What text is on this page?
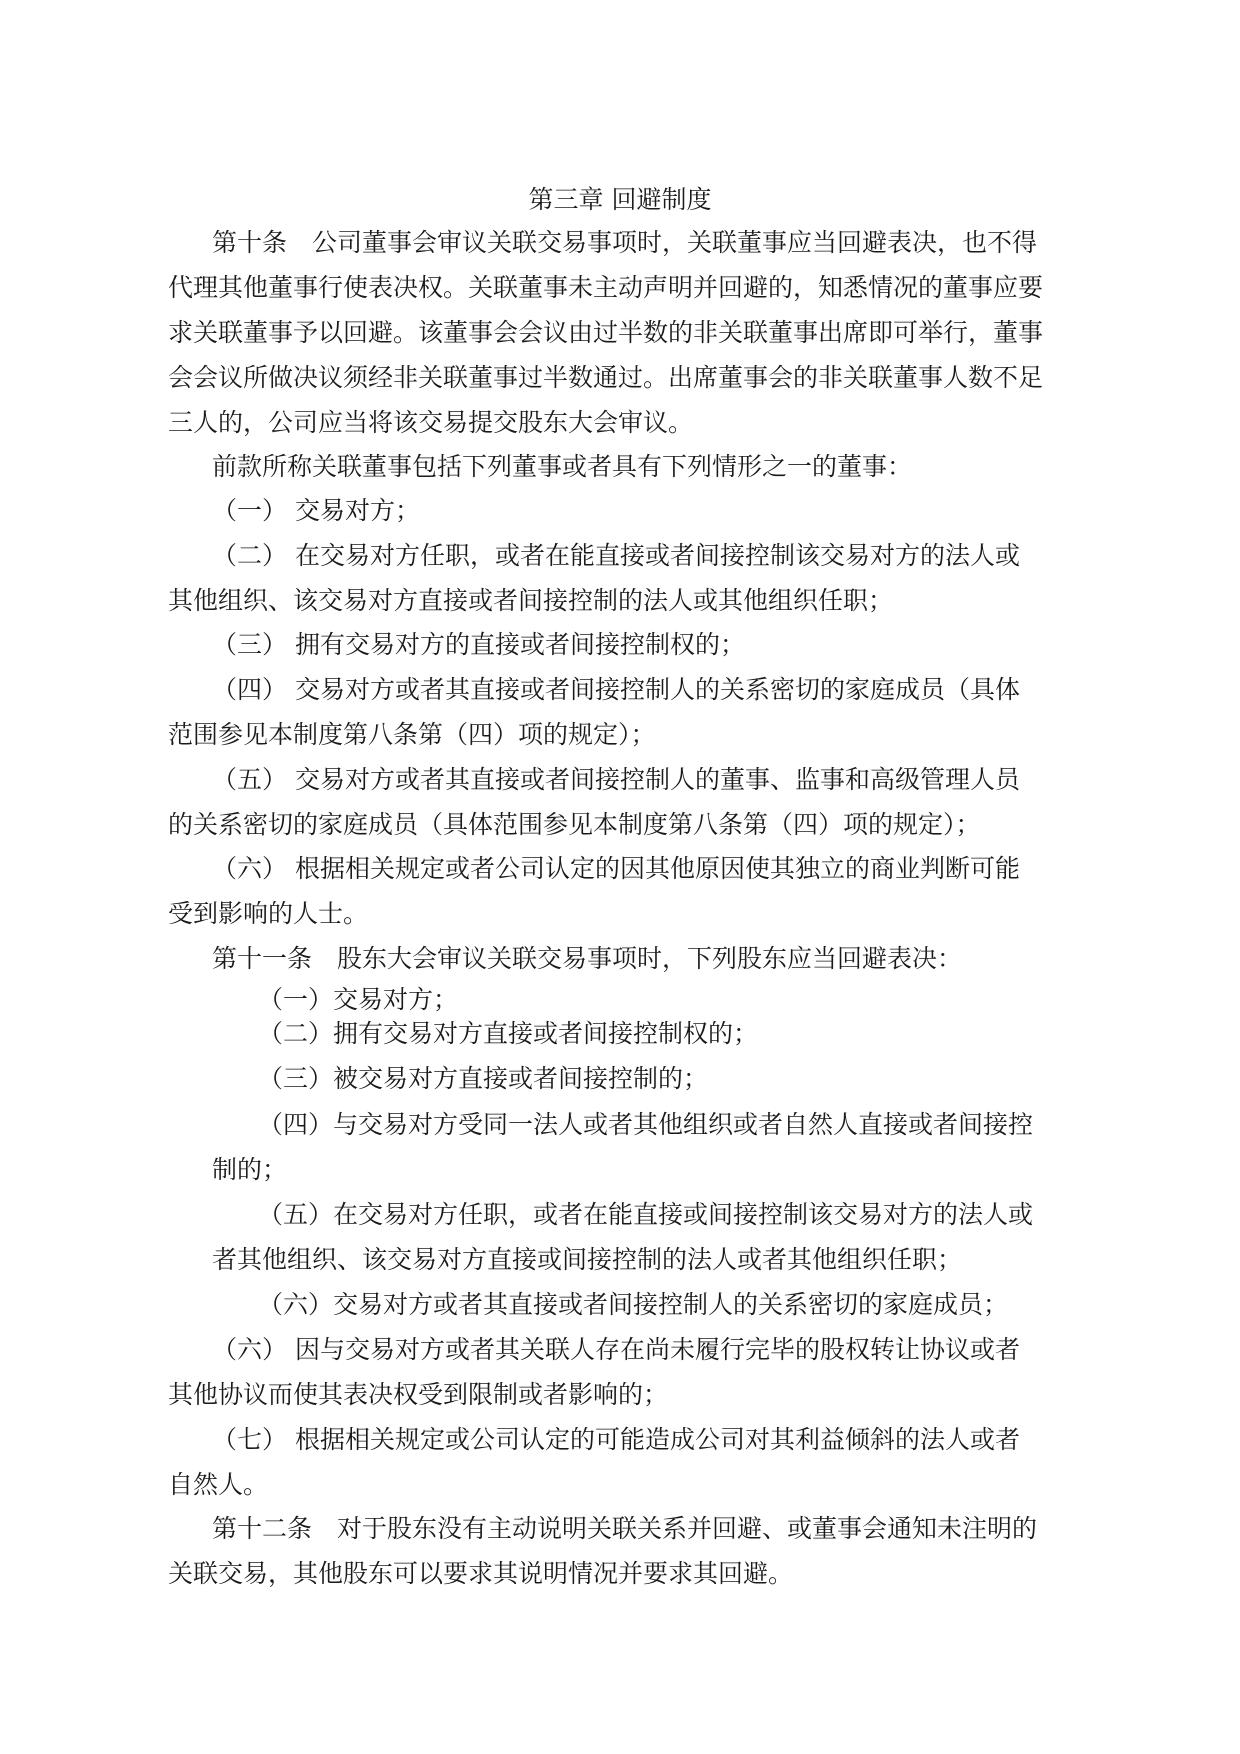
第三章 回避制度
第十条　公司董事会审议关联交易事项时，关联董事应当回避表决，也不得
代理其他董事行使表决权。关联董事未主动声明并回避的，知悉情况的董事应要
求关联董事予以回避。该董事会会议由过半数的非关联董事出席即可举行，董事
会会议所做决议须经非关联董事过半数通过。出席董事会的非关联董事人数不足
三人的，公司应当将该交易提交股东大会审议。
前款所称关联董事包括下列董事或者具有下列情形之一的董事：
（一） 交易对方；
（二） 在交易对方任职，或者在能直接或者间接控制该交易对方的法人或
其他组织、该交易对方直接或者间接控制的法人或其他组织任职；
（三） 拥有交易对方的直接或者间接控制权的；
（四） 交易对方或者其直接或者间接控制人的关系密切的家庭成员（具体
范围参见本制度第八条第（四）项的规定）；
（五） 交易对方或者其直接或者间接控制人的董事、监事和高级管理人员
的关系密切的家庭成员（具体范围参见本制度第八条第（四）项的规定）；
（六） 根据相关规定或者公司认定的因其他原因使其独立的商业判断可能
受到影响的人士。
第十一条　股东大会审议关联交易事项时，下列股东应当回避表决：
（一）交易对方；
（二）拥有交易对方直接或者间接控制权的；
（三）被交易对方直接或者间接控制的；
（四）与交易对方受同一法人或者其他组织或者自然人直接或者间接控
制的；
（五）在交易对方任职，或者在能直接或间接控制该交易对方的法人或
者其他组织、该交易对方直接或间接控制的法人或者其他组织任职；
（六）交易对方或者其直接或者间接控制人的关系密切的家庭成员；
（六） 因与交易对方或者其关联人存在尚未履行完毕的股权转让协议或者
其他协议而使其表决权受到限制或者影响的；
（七） 根据相关规定或公司认定的可能造成公司对其利益倾斜的法人或者
自然人。
第十二条　对于股东没有主动说明关联关系并回避、或董事会通知未注明的
关联交易，其他股东可以要求其说明情况并要求其回避。
